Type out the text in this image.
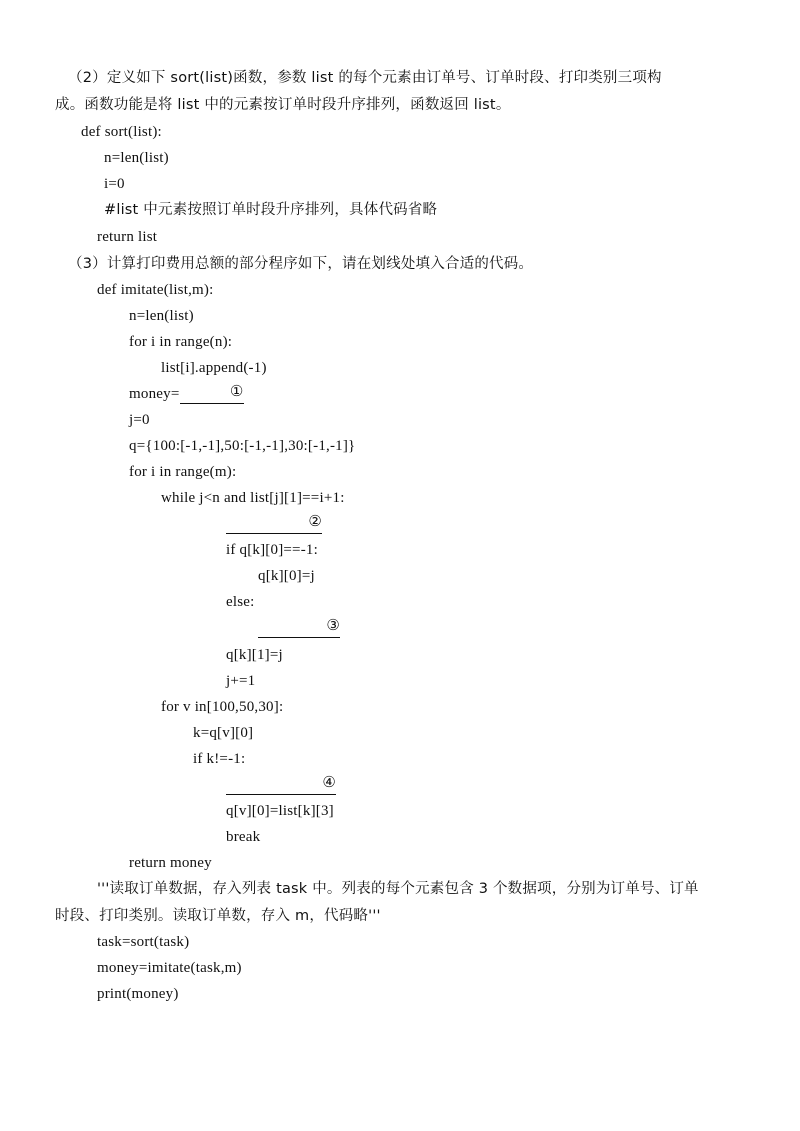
（2）定义如下 sort(list)函数，参数 list 的每个元素由订单号、订单时段、打印类别三项构
成。函数功能是将 list 中的元素按订单时段升序排列，函数返回 list。
def sort(list):
n=len(list)
i=0
#list 中元素按照订单时段升序排列，具体代码省略
return list
（3）计算打印费用总额的部分程序如下，请在划线处填入合适的代码。
def imitate(list,m):
n=len(list)
for i in range(n):
list[i].append(-1)
money=	①
j=0
q={100:[-1,-1],50:[-1,-1],30:[-1,-1]}
for i in range(m):
while j<n and list[j][1]==i+1:
②
if q[k][0]==-1:
q[k][0]=j
else:
③
q[k][1]=j
j+=1
for v in[100,50,30]:
k=q[v][0]
if k!=-1:
④
q[v][0]=list[k][3]
break
return money
'''读取订单数据，存入列表 task 中。列表的每个元素包含 3 个数据项，分别为订单号、订单
时段、打印类别。读取订单数，存入 m，代码略'''
task=sort(task)
money=imitate(task,m)
print(money)
